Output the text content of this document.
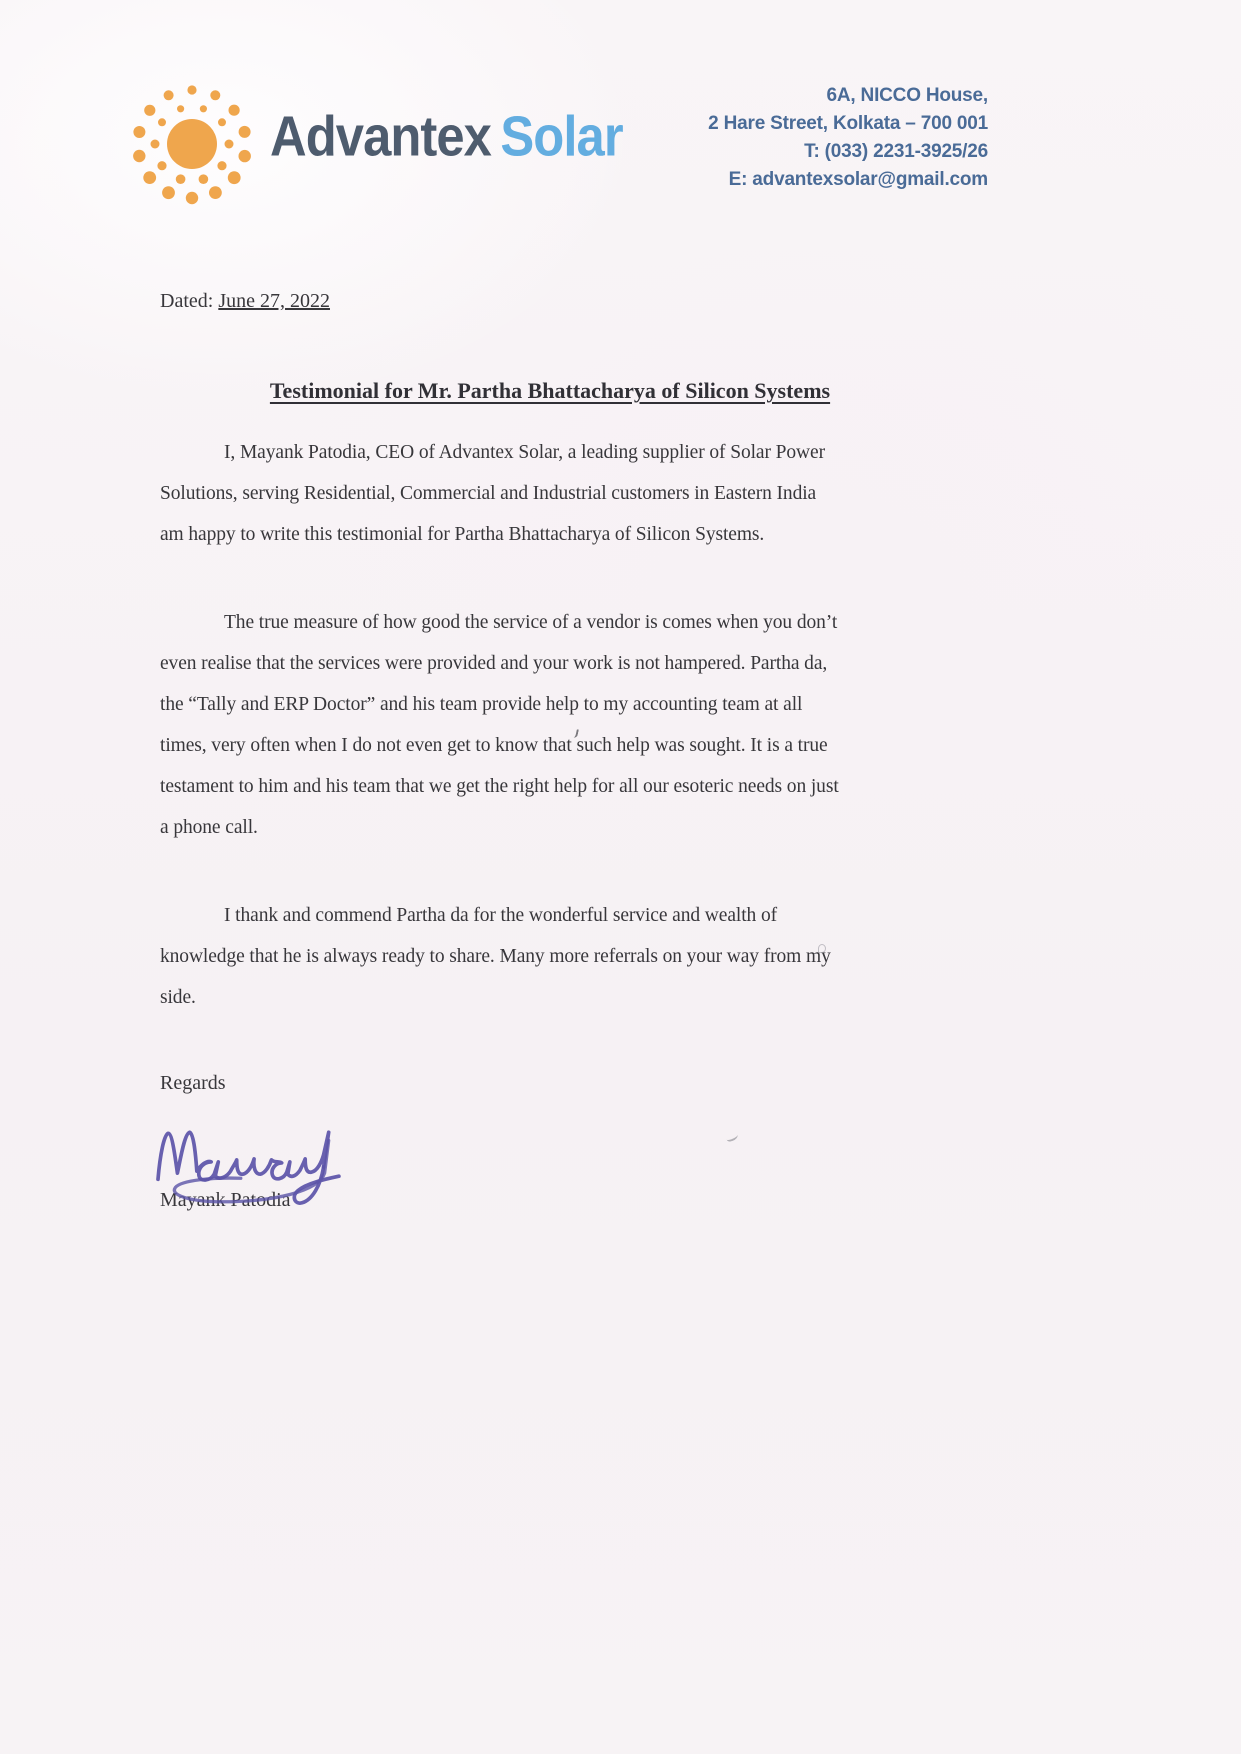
Advantex Solar
6A, NICCO House,
2 Hare Street, Kolkata – 700 001
T: (033) 2231-3925/26
E: advantexsolar@gmail.com
Dated: June 27, 2022
Testimonial for Mr. Partha Bhattacharya of Silicon Systems
I, Mayank Patodia, CEO of Advantex Solar, a leading supplier of Solar Power
Solutions, serving Residential, Commercial and Industrial customers in Eastern India
am happy to write this testimonial for Partha Bhattacharya of Silicon Systems.
The true measure of how good the service of a vendor is comes when you don’t
even realise that the services were provided and your work is not hampered. Partha da,
the “Tally and ERP Doctor” and his team provide help to my accounting team at all
times, very often when I do not even get to know that such help was sought. It is a true
testament to him and his team that we get the right help for all our esoteric needs on just
a phone call.
I thank and commend Partha da for the wonderful service and wealth of
knowledge that he is always ready to share. Many more referrals on your way from my
side.
Regards
Mayank Patodia
